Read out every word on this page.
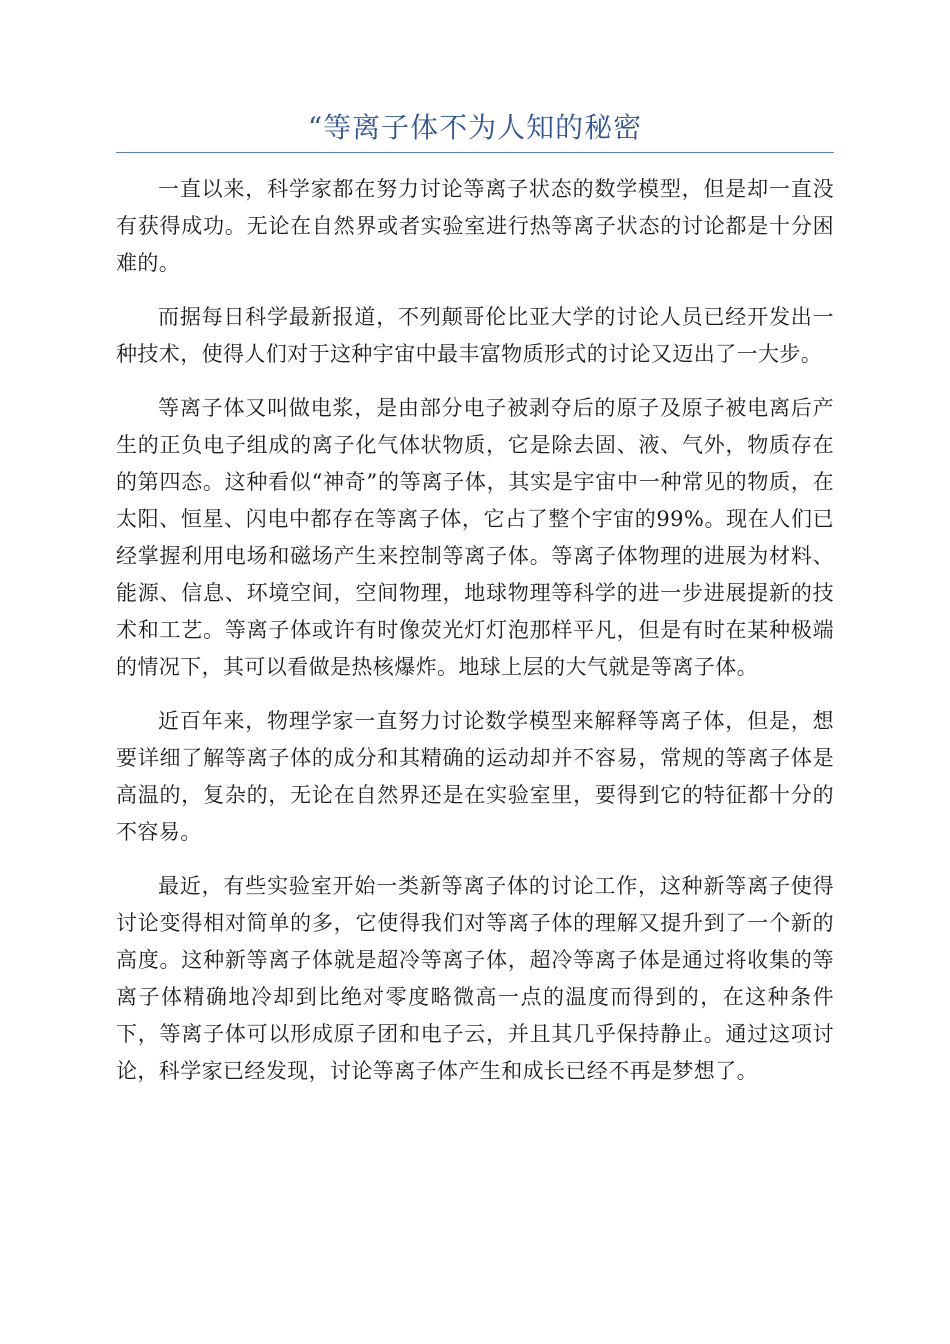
“等离子体不为人知的秘密

一直以来，科学家都在努力讨论等离子状态的数学模型，但是却一直没有获得成功。无论在自然界或者实验室进行热等离子状态的讨论都是十分困难的。

而据每日科学最新报道，不列颠哥伦比亚大学的讨论人员已经开发出一种技术，使得人们对于这种宇宙中最丰富物质形式的讨论又迈出了一大步。

等离子体又叫做电浆，是由部分电子被剥夺后的原子及原子被电离后产生的正负电子组成的离子化气体状物质，它是除去固、液、气外，物质存在的第四态。这种看似“神奇”的等离子体，其实是宇宙中一种常见的物质，在太阳、恒星、闪电中都存在等离子体，它占了整个宇宙的99%。现在人们已经掌握利用电场和磁场产生来控制等离子体。等离子体物理的进展为材料、能源、信息、环境空间，空间物理，地球物理等科学的进一步进展提新的技术和工艺。等离子体或许有时像荧光灯灯泡那样平凡，但是有时在某种极端的情况下，其可以看做是热核爆炸。地球上层的大气就是等离子体。

近百年来，物理学家一直努力讨论数学模型来解释等离子体，但是，想要详细了解等离子体的成分和其精确的运动却并不容易，常规的等离子体是高温的，复杂的，无论在自然界还是在实验室里，要得到它的特征都十分的不容易。

最近，有些实验室开始一类新等离子体的讨论工作，这种新等离子使得讨论变得相对简单的多，它使得我们对等离子体的理解又提升到了一个新的高度。这种新等离子体就是超冷等离子体，超冷等离子体是通过将收集的等离子体精确地冷却到比绝对零度略微高一点的温度而得到的，在这种条件下，等离子体可以形成原子团和电子云，并且其几乎保持静止。通过这项讨论，科学家已经发现，讨论等离子体产生和成长已经不再是梦想了。
